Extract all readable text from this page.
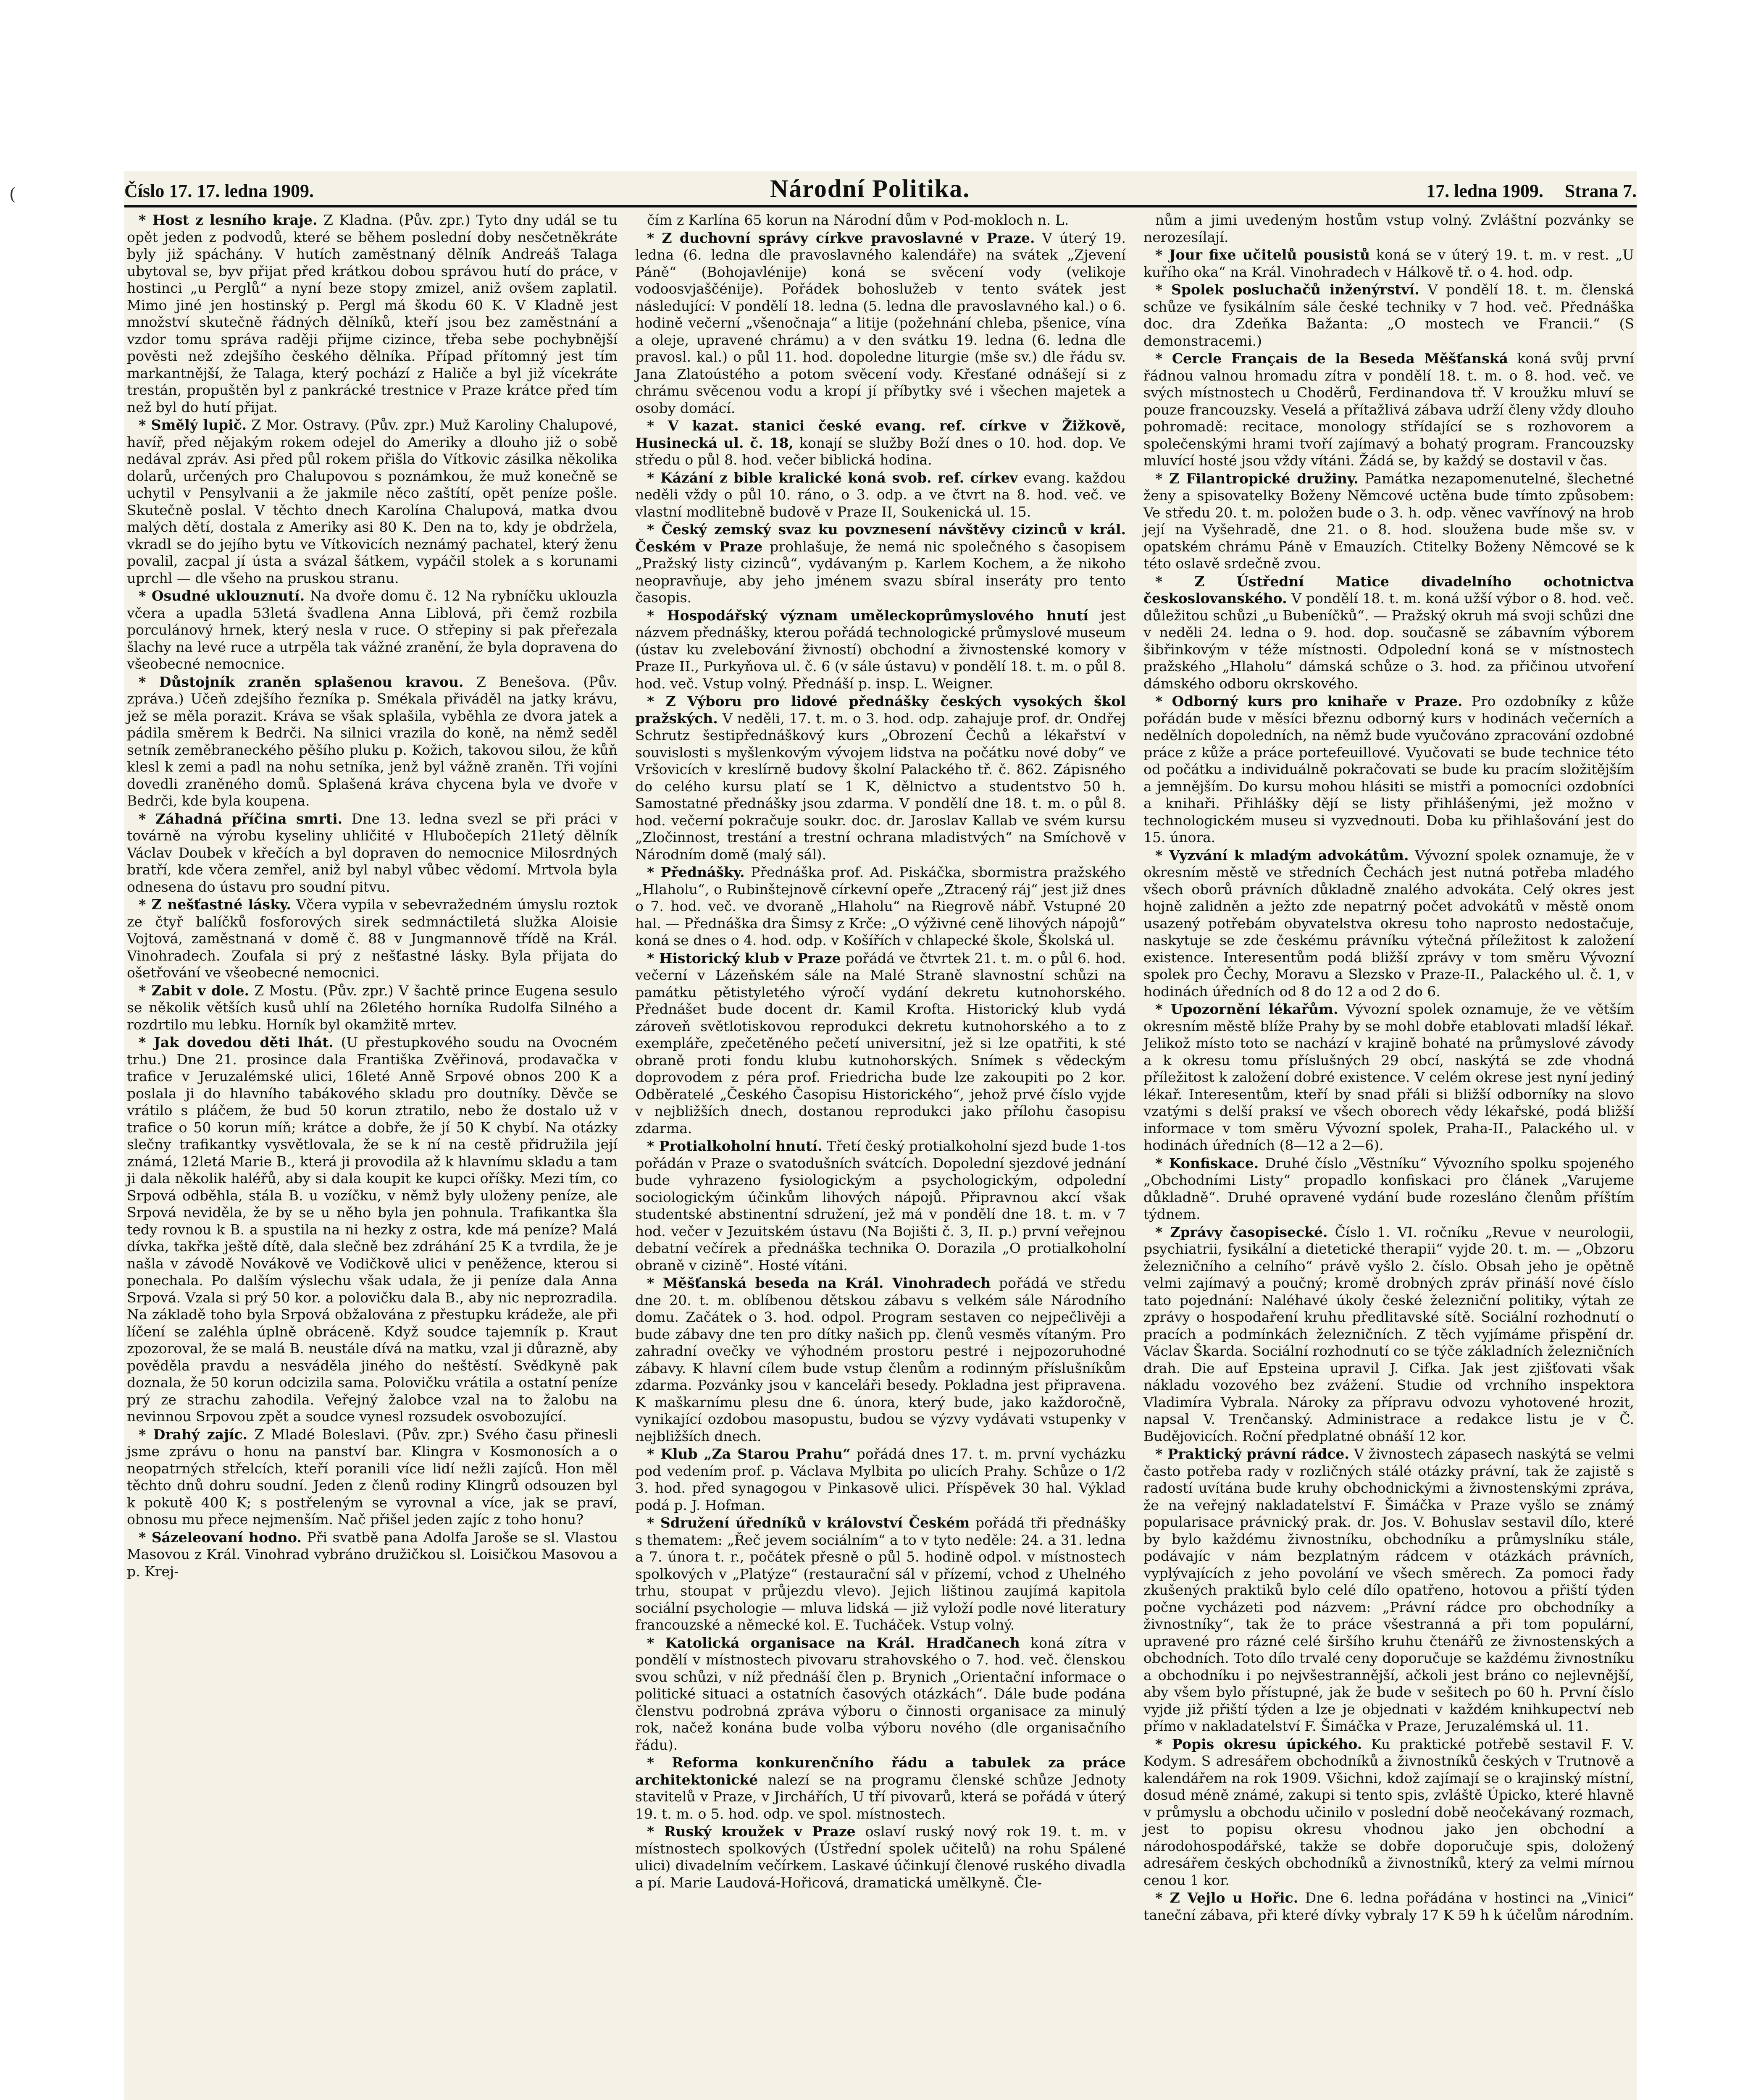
(	Číslo 17. 17. ledna 1909.	Národní Politika.	17. ledna 1909. Strana 7.

* Host z lesního kraje. Z Kladna. (Pův. zpr.) Tyto dny udál se tu opět jeden z podvodů, které se během poslední doby nesčetněkráte byly již spáchány. V hutích zaměstnaný dělník Andreáš Talaga ubytoval se, byv přijat před krátkou dobou správou hutí do práce, v hostinci „u Perglů“ a nyní beze stopy zmizel, aniž ovšem zaplatil. Mimo jiné jen hostinský p. Pergl má škodu 60 K. V Kladně jest množství skutečně řádných dělníků, kteří jsou bez zaměstnání a vzdor tomu správa raději přijme cizince, třeba sebe pochybnější pověsti než zdejšího českého dělníka. Případ přítomný jest tím markantnější, že Talaga, který pochází z Haliče a byl již vícekráte trestán, propuštěn byl z pankrácké trestnice v Praze krátce před tím než byl do hutí přijat.

* Smělý lupič. Z Mor. Ostravy. (Pův. zpr.) Muž Karoliny Chalupové, havíř, před nějakým rokem odejel do Ameriky a dlouho již o sobě nedával zpráv. Asi před půl rokem přišla do Vítkovic zásilka několika dolarů, určených pro Chalupovou s poznámkou, že muž konečně se uchytil v Pensylvanii a že jakmile něco zaštítí, opět peníze pošle. Skutečně poslal. V těchto dnech Karolína Chalupová, matka dvou malých dětí, dostala z Ameriky asi 80 K. Den na to, kdy je obdržela, vkradl se do jejího bytu ve Vítkovicích neznámý pachatel, který ženu povalil, zacpal jí ústa a svázal šátkem, vypáčil stolek a s korunami uprchl — dle všeho na pruskou stranu.

* Osudné uklouznutí. Na dvoře domu č. 12 Na rybníčku uklouzla včera a upadla 53letá švadlena Anna Liblová, při čemž rozbila porculánový hrnek, který nesla v ruce. O střepiny si pak přeřezala šlachy na levé ruce a utrpěla tak vážné zranění, že byla dopravena do všeobecné nemocnice.

* Důstojník zraněn splašenou kravou. Z Benešova. (Pův. zpráva.) Učeň zdejšího řezníka p. Smékala přiváděl na jatky krávu, jež se měla porazit. Kráva se však splašila, vyběhla ze dvora jatek a pádila směrem k Bedrči. Na silnici vrazila do koně, na němž seděl setník zeměbraneckého pěšího pluku p. Kožich, takovou silou, že kůň klesl k zemi a padl na nohu setníka, jenž byl vážně zraněn. Tři vojíni dovedli zraněného domů. Splašená kráva chycena byla ve dvoře v Bedrči, kde byla koupena.

* Záhadná příčina smrti. Dne 13. ledna svezl se při práci v továrně na výrobu kyseliny uhličité v Hlubočepích 21letý dělník Václav Doubek v křečích a byl dopraven do nemocnice Milosrdných bratří, kde včera zemřel, aniž byl nabyl vůbec vědomí. Mrtvola byla odnesena do ústavu pro soudní pitvu.

* Z nešťastné lásky. Včera vypila v sebevražedném úmyslu roztok ze čtyř balíčků fosforových sirek sedmnáctiletá služka Aloisie Vojtová, zaměstnaná v domě č. 88 v Jungmannově třídě na Král. Vinohradech. Zoufala si prý z nešťastné lásky. Byla přijata do ošetřování ve všeobecné nemocnici.

* Zabit v dole. Z Mostu. (Pův. zpr.) V šachtě prince Eugena sesulo se několik větších kusů uhlí na 26letého horníka Rudolfa Silného a rozdrtilo mu lebku. Horník byl okamžitě mrtev.

* Jak dovedou děti lhát. (U přestupkového soudu na Ovocném trhu.) Dne 21. prosince dala Františka Zvěřinová, prodavačka v trafice v Jeruzalémské ulici, 16leté Anně Srpové obnos 200 K a poslala ji do hlavního tabákového skladu pro doutníky. Děvče se vrátilo s pláčem, že bud 50 korun ztratilo, nebo že dostalo už v trafice o 50 korun míň; krátce a dobře, že jí 50 K chybí. Na otázky slečny trafikantky vysvětlovala, že se k ní na cestě přidružila její známá, 12letá Marie B., která ji provodila až k hlavnímu skladu a tam ji dala několik haléřů, aby si dala koupit ke kupci oříšky. Mezi tím, co Srpová odběhla, stála B. u vozíčku, v němž byly uloženy peníze, ale Srpová neviděla, že by se u něho byla jen pohnula. Trafikantka šla tedy rovnou k B. a spustila na ni hezky z ostra, kde má peníze? Malá dívka, takřka ještě dítě, dala slečně bez zdráhání 25 K a tvrdila, že je našla v závodě Novákově ve Vodičkově ulici v peněžence, kterou si ponechala. Po dalším výslechu však udala, že ji peníze dala Anna Srpová. Vzala si prý 50 kor. a polovičku dala B., aby nic neprozradila. Na základě toho byla Srpová obžalována z přestupku krádeže, ale při líčení se zaléhla úplně obráceně. Když soudce tajemník p. Kraut zpozoroval, že se malá B. neustále dívá na matku, vzal ji důrazně, aby pověděla pravdu a nesváděla jiného do neštěstí. Svědkyně pak doznala, že 50 korun odcizila sama. Polovičku vrátila a ostatní peníze prý ze strachu zahodila. Veřejný žalobce vzal na to žalobu na nevinnou Srpovou zpět a soudce vynesl rozsudek osvobozující.

* Drahý zajíc. Z Mladé Boleslavi. (Pův. zpr.) Svého času přinesli jsme zprávu o honu na panství bar. Klingra v Kosmonosích a o neopatrných střelcích, kteří poranili více lidí nežli zajíců. Hon měl těchto dnů dohru soudní. Jeden z členů rodiny Klingrů odsouzen byl k pokutě 400 K; s postřeleným se vyrovnal a více, jak se praví, obnosu mu přece nejmenším. Nač přišel jeden zajíc z toho honu?

* Sázeleovaní hodno. Při svatbě pana Adolfa Jaroše se sl. Vlastou Masovou z Král. Vinohrad vybráno družičkou sl. Loisičkou Masovou a p. Krej-

čím z Karlína 65 korun na Národní dům v Pod-mokloch n. L.

* Z duchovní správy církve pravoslavné v Praze. V úterý 19. ledna (6. ledna dle pravoslavného kalendáře) na svátek „Zjevení Páně“ (Bohojavlénije) koná se svěcení vody (velikoje vodoosvjaščénije). Pořádek bohoslužeb v tento svátek jest následující: V pondělí 18. ledna (5. ledna dle pravoslavného kal.) o 6. hodině večerní „všenočnaja“ a litije (požehnání chleba, pšenice, vína a oleje, upravené chrámu) a v den svátku 19. ledna (6. ledna dle pravosl. kal.) o půl 11. hod. dopoledne liturgie (mše sv.) dle řádu sv. Jana Zlatoústého a potom svěcení vody. Křesťané odnášejí si z chrámu svěcenou vodu a kropí jí příbytky své i všechen majetek a osoby domácí.

* V kazat. stanici české evang. ref. církve v Žižkově, Husinecká ul. č. 18, konají se služby Boží dnes o 10. hod. dop. Ve středu o půl 8. hod. večer biblická hodina.

* Kázání z bible kralické koná svob. ref. církev evang. každou neděli vždy o půl 10. ráno, o 3. odp. a ve čtvrt na 8. hod. več. ve vlastní modlitebně budově v Praze II, Soukenická ul. 15.

* Český zemský svaz ku povznesení návštěvy cizinců v král. Českém v Praze prohlašuje, že nemá nic společného s časopisem „Pražský listy cizinců“, vydávaným p. Karlem Kochem, a že nikoho neopravňuje, aby jeho jménem svazu sbíral inseráty pro tento časopis.

* Hospodářský význam uměleckoprůmyslového hnutí jest názvem přednášky, kterou pořádá technologické průmyslové museum (ústav ku zvelebování živností) obchodní a živnostenské komory v Praze II., Purkyňova ul. č. 6 (v sále ústavu) v pondělí 18. t. m. o půl 8. hod. več. Vstup volný. Přednáší p. insp. L. Weigner.

* Z Výboru pro lidové přednášky českých vysokých škol pražských. V neděli, 17. t. m. o 3. hod. odp. zahajuje prof. dr. Ondřej Schrutz šestipřednáškový kurs „Obrození Čechů a lékařství v souvislosti s myšlenkovým vývojem lidstva na počátku nové doby“ ve Vršovicích v kreslírně budovy školní Palackého tř. č. 862. Zápisného do celého kursu platí se 1 K, dělnictvo a studentstvo 50 h. Samostatné přednášky jsou zdarma. V pondělí dne 18. t. m. o půl 8. hod. večerní pokračuje soukr. doc. dr. Jaroslav Kallab ve svém kursu „Zločinnost, trestání a trestní ochrana mladistvých“ na Smíchově v Národním domě (malý sál).

* Přednášky. Přednáška prof. Ad. Piskáčka, sbormistra pražského „Hlaholu“, o Rubinštejnově církevní opeře „Ztracený ráj“ jest již dnes o 7. hod. več. ve dvoraně „Hlaholu“ na Riegrově nábř. Vstupné 20 hal. — Přednáška dra Šimsy z Krče: „O výživné ceně lihových nápojů“ koná se dnes o 4. hod. odp. v Košířích v chlapecké škole, Školská ul.

* Historický klub v Praze pořádá ve čtvrtek 21. t. m. o půl 6. hod. večerní v Lázeňském sále na Malé Straně slavnostní schůzi na památku pětistyletého výročí vydání dekretu kutnohorského. Přednášet bude docent dr. Kamil Krofta. Historický klub vydá zároveň světlotiskovou reprodukci dekretu kutnohorského a to z exempláře, zpečetěného pečetí universitní, jež si lze opatřiti, k sté obraně proti fondu klubu kutnohorských. Snímek s vědeckým doprovodem z péra prof. Friedricha bude lze zakoupiti po 2 kor. Odběratelé „Českého Časopisu Historického“, jehož prvé číslo vyjde v nejbližších dnech, dostanou reprodukci jako přílohu časopisu zdarma.

* Protialkoholní hnutí. Třetí český protialkoholní sjezd bude 1-tos pořádán v Praze o svatodušních svátcích. Dopolední sjezdové jednání bude vyhrazeno fysiologickým a psychologickým, odpolední sociologickým účinkům lihových nápojů. Připravnou akcí však studentské abstinentní sdružení, jež má v pondělí dne 18. t. m. v 7 hod. večer v Jezuitském ústavu (Na Bojišti č. 3, II. p.) první veřejnou debatní večírek a přednáška technika O. Dorazila „O protialkoholní obraně v cizině“. Hosté vítáni.

* Měšťanská beseda na Král. Vinohradech pořádá ve středu dne 20. t. m. oblíbenou dětskou zábavu s velkém sále Národního domu. Začátek o 3. hod. odpol. Program sestaven co nejpečlivěji a bude zábavy dne ten pro dítky našich pp. členů vesměs vítaným. Pro zahradní ovečky ve výhodném prostoru pestré i nejpozoruhodné zábavy. K hlavní cílem bude vstup členům a rodinným příslušníkům zdarma. Pozvánky jsou v kanceláři besedy. Pokladna jest připravena. K maškarnímu plesu dne 6. února, který bude, jako každoročně, vynikající ozdobou masopustu, budou se výzvy vydávati vstupenky v nejbližších dnech.

* Klub „Za Starou Prahu“ pořádá dnes 17. t. m. první vycházku pod vedením prof. p. Václava Mylbita po ulicích Prahy. Schůze o 1/2 3. hod. před synagogou v Pinkasově ulici. Příspěvek 30 hal. Výklad podá p. J. Hofman.

* Sdružení úředníků v království Českém pořádá tři přednášky s thematem: „Řeč jevem sociálním“ a to v tyto neděle: 24. a 31. ledna a 7. února t. r., počátek přesně o půl 5. hodině odpol. v místnostech spolkových v „Platýze“ (restaurační sál v přízemí, vchod z Uhelného trhu, stoupat v průjezdu vlevo). Jejich lištinou zaujímá kapitola sociální psychologie — mluva lidská — již vyloží podle nové literatury francouzské a německé kol. E. Tucháček. Vstup volný.

* Katolická organisace na Král. Hradčanech koná zítra v pondělí v místnostech pivovaru strahovského o 7. hod. več. členskou svou schůzi, v níž přednáší člen p. Brynich „Orientační informace o politické situaci a ostatních časových otázkách“. Dále bude podána členstvu podrobná zpráva výboru o činnosti organisace za minulý rok, načež konána bude volba výboru nového (dle organisačního řádu).

* Reforma konkurenčního řádu a tabulek za práce architektonické nalezí se na programu členské schůze Jednoty stavitelů v Praze, v Jirchářích, U tří pivovarů, která se pořádá v úterý 19. t. m. o 5. hod. odp. ve spol. místnostech.

* Ruský kroužek v Praze oslaví ruský nový rok 19. t. m. v místnostech spolkových (Ústřední spolek učitelů) na rohu Spálené ulici) divadelním večírkem. Laskavé účinkují členové ruského divadla a pí. Marie Laudová-Hořicová, dramatická umělkyně. Čle-

nům a jimi uvedeným hostům vstup volný. Zvláštní pozvánky se nerozesílají.

* Jour fixe učitelů pousistů koná se v úterý 19. t. m. v rest. „U kuřího oka“ na Král. Vinohradech v Hálkově tř. o 4. hod. odp.

* Spolek posluchačů inženýrství. V pondělí 18. t. m. členská schůze ve fysikálním sále české techniky v 7 hod. več. Přednáška doc. dra Zdeňka Bažanta: „O mostech ve Francii.“ (S demonstracemi.)

* Cercle Français de la Beseda Měšťanská koná svůj první řádnou valnou hromadu zítra v pondělí 18. t. m. o 8. hod. več. ve svých místnostech u Choděrů, Ferdinandova tř. V kroužku mluví se pouze francouzsky. Veselá a přítažlivá zábava udrží členy vždy dlouho pohromadě: recitace, monology střídající se s rozhovorem a společenskými hrami tvoří zajímavý a bohatý program. Francouzsky mluvící hosté jsou vždy vítáni. Žádá se, by každý se dostavil v čas.

* Z Filantropické družiny. Památka nezapomenutelné, šlechetné ženy a spisovatelky Boženy Němcové uctěna bude tímto způsobem: Ve středu 20. t. m. položen bude o 3. h. odp. věnec vavřínový na hrob její na Vyšehradě, dne 21. o 8. hod. sloužena bude mše sv. v opatském chrámu Páně v Emauzích. Ctitelky Boženy Němcové se k této oslavě srdečně zvou.

* Z Ústřední Matice divadelního ochotnictva českoslovanského. V pondělí 18. t. m. koná užší výbor o 8. hod. več. důležitou schůzi „u Bubeníčků“. — Pražský okruh má svoji schůzi dne v neděli 24. ledna o 9. hod. dop. současně se zábavním výborem šibřinkovým v téže místnosti. Odpolední koná se v místnostech pražského „Hlaholu“ dámská schůze o 3. hod. za přičinou utvoření dámského odboru okrskového.

* Odborný kurs pro knihaře v Praze. Pro ozdobníky z kůže pořádán bude v měsíci březnu odborný kurs v hodinách večerních a nedělních dopoledních, na němž bude vyučováno zpracování ozdobné práce z kůže a práce portefeuillové. Vyučovati se bude technice této od počátku a individuálně pokračovati se bude ku pracím složitějším a jemnějším. Do kursu mohou hlásiti se mistři a pomocníci ozdobníci a knihaři. Přihlášky dějí se listy přihlášenými, jež možno v technologickém museu si vyzvednouti. Doba ku přihlašování jest do 15. února.

* Vyzvání k mladým advokátům. Vývozní spolek oznamuje, že v okresním městě ve středních Čechách jest nutná potřeba mladého všech oborů právních důkladně znalého advokáta. Celý okres jest hojně zalidněn a ježto zde nepatrný počet advokátů v městě onom usazený potřebám obyvatelstva okresu toho naprosto nedostačuje, naskytuje se zde českému právníku výtečná příležitost k založení existence. Interesentům podá bližší zprávy v tom směru Vývozní spolek pro Čechy, Moravu a Slezsko v Praze-II., Palackého ul. č. 1, v hodinách úředních od 8 do 12 a od 2 do 6.

* Upozornění lékařům. Vývozní spolek oznamuje, že ve větším okresním městě blíže Prahy by se mohl dobře etablovati mladší lékař. Jelikož místo toto se nachází v krajině bohaté na průmyslové závody a k okresu tomu příslušných 29 obcí, naskýtá se zde vhodná příležitost k založení dobré existence. V celém okrese jest nyní jediný lékař. Interesentům, kteří by snad přáli si bližší odborníky na slovo vzatými s delší praksí ve všech oborech vědy lékařské, podá bližší informace v tom směru Vývozní spolek, Praha-II., Palackého ul. v hodinách úředních (8—12 a 2—6).

* Konfiskace. Druhé číslo „Věstníku“ Vývozního spolku spojeného „Obchodními Listy“ propadlo konfiskaci pro článek „Varujeme důkladně“. Druhé opravené vydání bude rozesláno členům příštím týdnem.

* Zprávy časopisecké. Číslo 1. VI. ročníku „Revue v neurologii, psychiatrii, fysikální a dietetické therapii“ vyjde 20. t. m. — „Obzoru železničního a celního“ právě vyšlo 2. číslo. Obsah jeho je opětně velmi zajímavý a poučný; kromě drobných zpráv přináší nové číslo tato pojednání: Naléhavé úkoly české železniční politiky, výtah ze zprávy o hospodaření kruhu předlitavské sítě. Sociální rozhodnutí o pracích a podmínkách železničních. Z těch vyjímáme přispění dr. Václav Škarda. Sociální rozhodnutí co se týče základních železničních drah. Die auf Epsteina upravil J. Cifka. Jak jest zjišťovati však nákladu vozového bez zvážení. Studie od vrchního inspektora Vladimíra Vybrala. Nároky za přípravu odvozu vyhotovené hrozit, napsal V. Trenčanský. Administrace a redakce listu je v Č. Budějovicích. Roční předplatné obnáší 12 kor.

* Praktický právní rádce. V živnostech zápasech naskýtá se velmi často potřeba rady v rozličných stálé otázky právní, tak že zajistě s radostí uvítána bude kruhy obchodnickými a živnostenskými zpráva, že na veřejný nakladatelství F. Šimáčka v Praze vyšlo se známý popularisace právnický prak. dr. Jos. V. Bohuslav sestavil dílo, které by bylo každému živnostníku, obchodníku a průmyslníku stále, podávajíc v nám bezplatným rádcem v otázkách právních, vyplývajících z jeho povolání ve všech směrech. Za pomoci řady zkušených praktiků bylo celé dílo opatřeno, hotovou a přiští týden počne vycházeti pod názvem: „Právní rádce pro obchodníky a živnostníky“, tak že to práce všestranná a při tom populární, upravené pro rázné celé širšího kruhu čtenářů ze živnostenských a obchodních. Toto dílo trvalé ceny doporučuje se každému živnostníku a obchodníku i po nejvšestrannější, ačkoli jest bráno co nejlevnější, aby všem bylo přístupné, jak že bude v sešitech po 60 h. První číslo vyjde již přiští týden a lze je objednati v každém knihkupectví neb přímo v nakladatelství F. Šimáčka v Praze, Jeruzalémská ul. 11.

* Popis okresu úpického. Ku praktické potřebě sestavil F. V. Kodym. S adresářem obchodníků a živnostníků českých v Trutnově a kalendářem na rok 1909. Všichni, kdož zajímají se o krajinský místní, dosud méně známé, zakupi si tento spis, zvláště Úpicko, které hlavně v průmyslu a obchodu učinilo v poslední době neočekávaný rozmach, jest to popisu okresu vhodnou jako jen obchodní a národohospodářské, takže se dobře doporučuje spis, doložený adresářem českých obchodníků a živnostníků, který za velmi mírnou cenou 1 kor.

* Z Vejlo u Hořic. Dne 6. ledna pořádána v hostinci na „Vinici“ taneční zábava, při které dívky vybraly 17 K 59 h k účelům národním.
